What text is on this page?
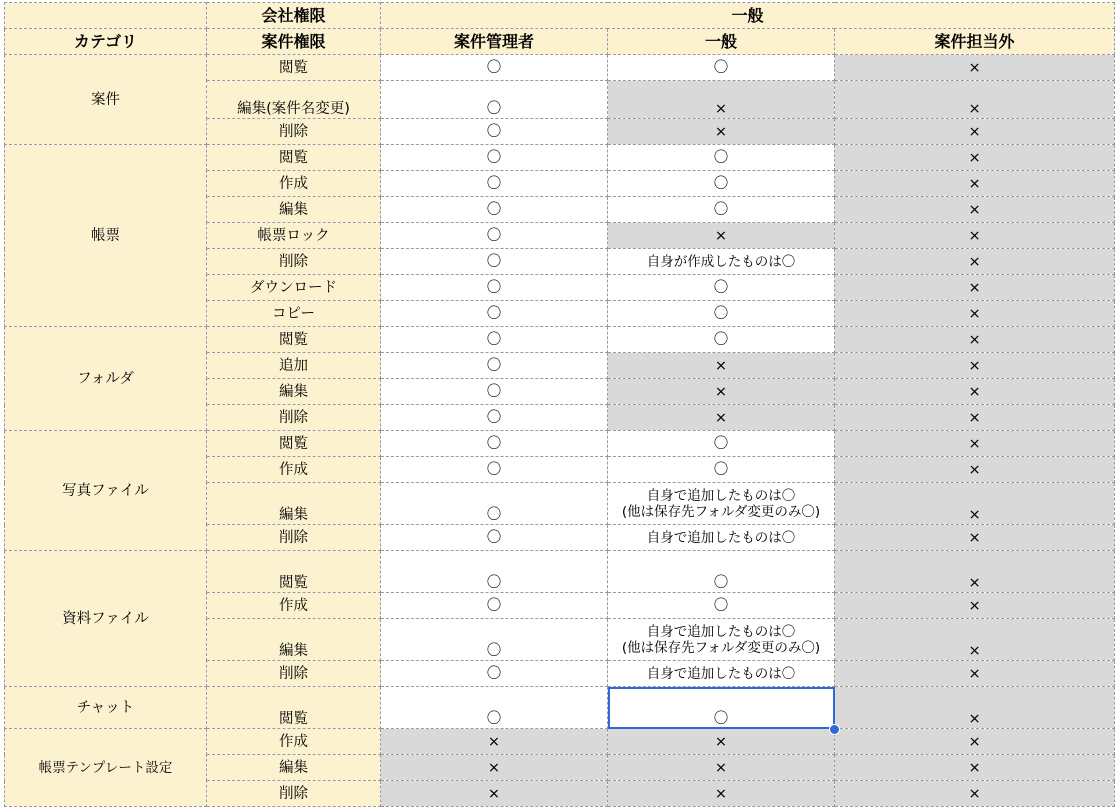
	会社権限	一般		
カテゴリ	案件権限	案件管理者	一般	案件担当外
案件	閲覧	〇	〇	×
	編集(案件名変更)	〇	×	×
	削除	〇	×	×
帳票	閲覧	〇	〇	×
	作成	〇	〇	×
	編集	〇	〇	×
	帳票ロック	〇	×	×
	削除	〇	自身が作成したものは〇	×
	ダウンロード	〇	〇	×
	コピー	〇	〇	×
フォルダ	閲覧	〇	〇	×
	追加	〇	×	×
	編集	〇	×	×
	削除	〇	×	×
写真ファイル	閲覧	〇	〇	×
	作成	〇	〇	×
	編集	〇	自身で追加したものは〇
(他は保存先フォルダ変更のみ〇)	×
	削除	〇	自身で追加したものは〇	×
資料ファイル	閲覧	〇	〇	×
	作成	〇	〇	×
	編集	〇	自身で追加したものは〇
(他は保存先フォルダ変更のみ〇)	×
	削除	〇	自身で追加したものは〇	×
チャット	閲覧	〇	〇	×
帳票テンプレート設定	作成	×	×	×
	編集	×	×	×
	削除	×	×	×
